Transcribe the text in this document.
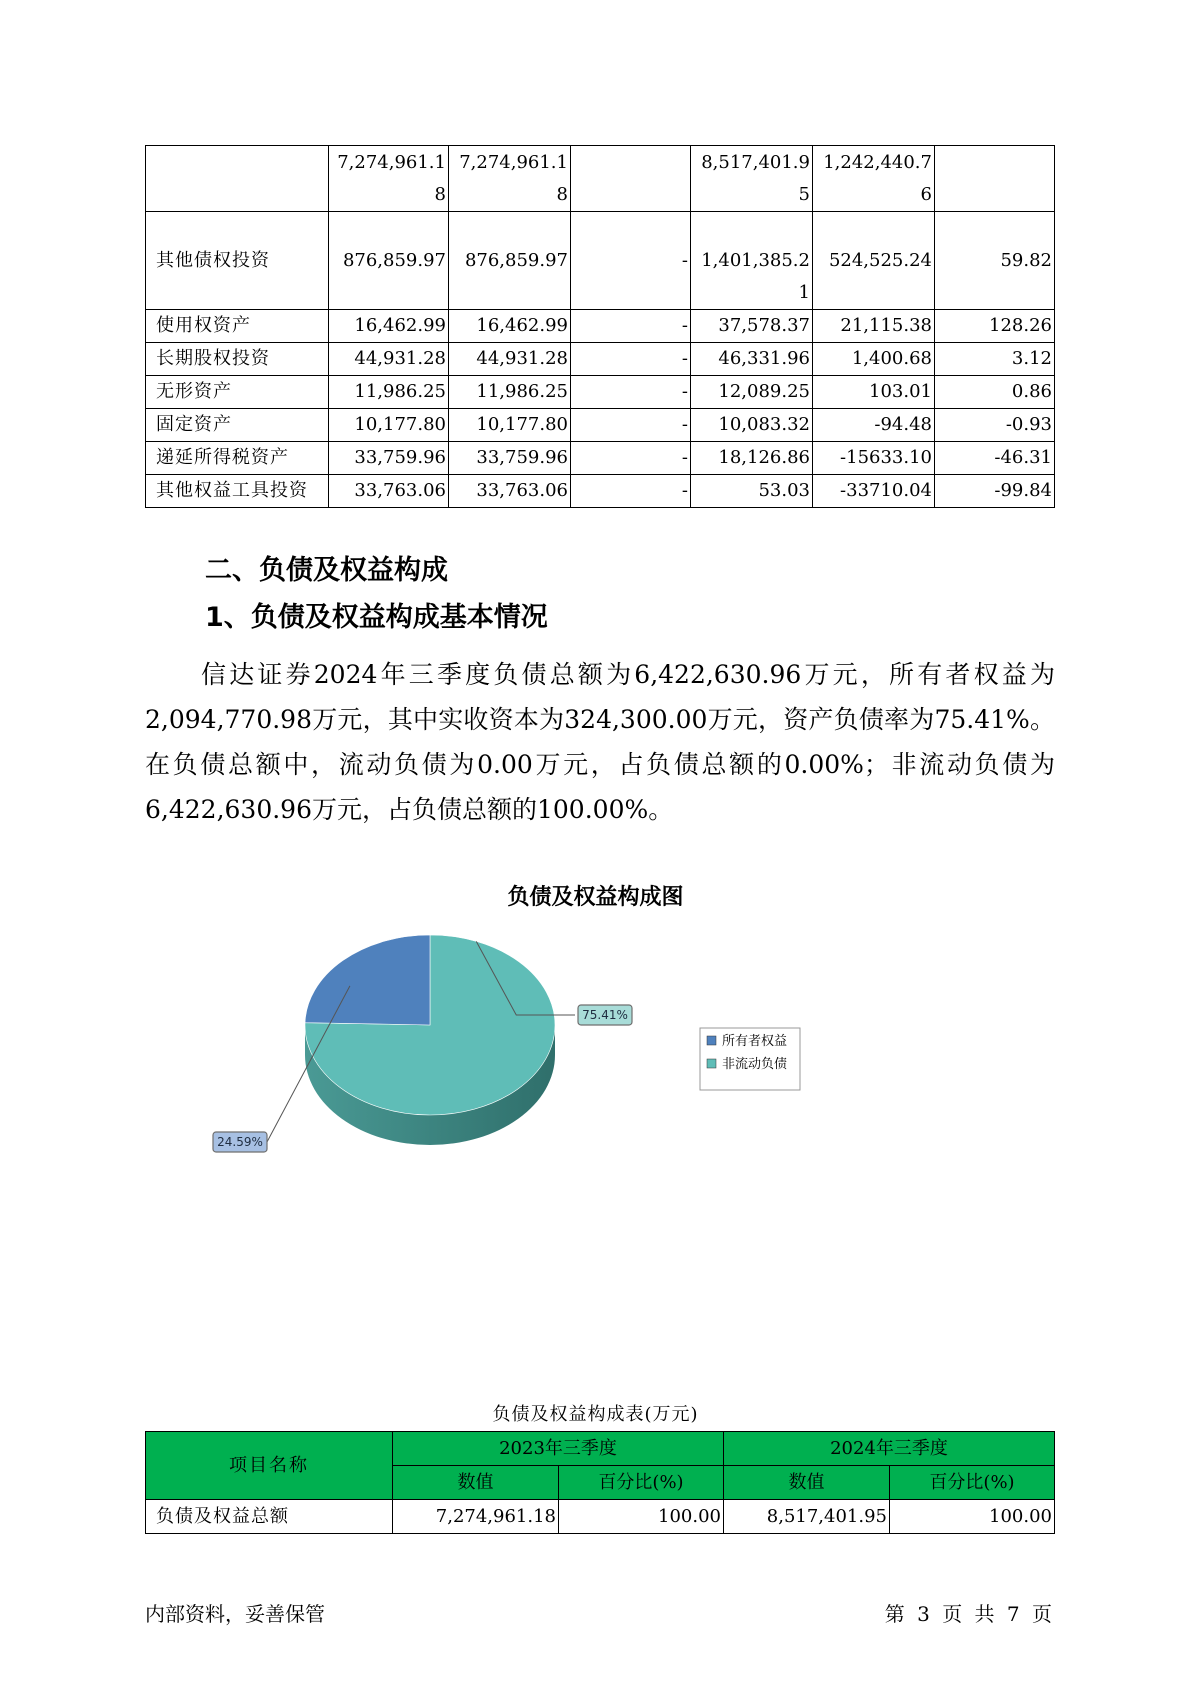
	7,274,961.18	7,274,961.18		8,517,401.95	1,242,440.76	
其他债权投资	876,859.97	876,859.97	-	1,401,385.21	524,525.24	59.82
使用权资产	16,462.99	16,462.99	-	37,578.37	21,115.38	128.26
长期股权投资	44,931.28	44,931.28	-	46,331.96	1,400.68	3.12
无形资产	11,986.25	11,986.25	-	12,089.25	103.01	0.86
固定资产	10,177.80	10,177.80	-	10,083.32	-94.48	-0.93
递延所得税资产	33,759.96	33,759.96	-	18,126.86	-15633.10	-46.31
其他权益工具投资	33,763.06	33,763.06	-	53.03	-33710.04	-99.84
二、负债及权益构成
1、负债及权益构成基本情况
信达证券2024年三季度负债总额为6,422,630.96万元，所有者权益为2,094,770.98万元，其中实收资本为324,300.00万元，资产负债率为75.41%。在负债总额中，流动负债为0.00万元，占负债总额的0.00%；非流动负债为6,422,630.96万元，占负债总额的100.00%。
负债及权益构成图
75.41%
24.59%
所有者权益
非流动负债
负债及权益构成表(万元)
项目名称	2023年三季度		2024年三季度	
	数值	百分比(%)	数值	百分比(%)
负债及权益总额	7,274,961.18	100.00	8,517,401.95	100.00
内部资料，妥善保管	第 3 页 共 7 页
